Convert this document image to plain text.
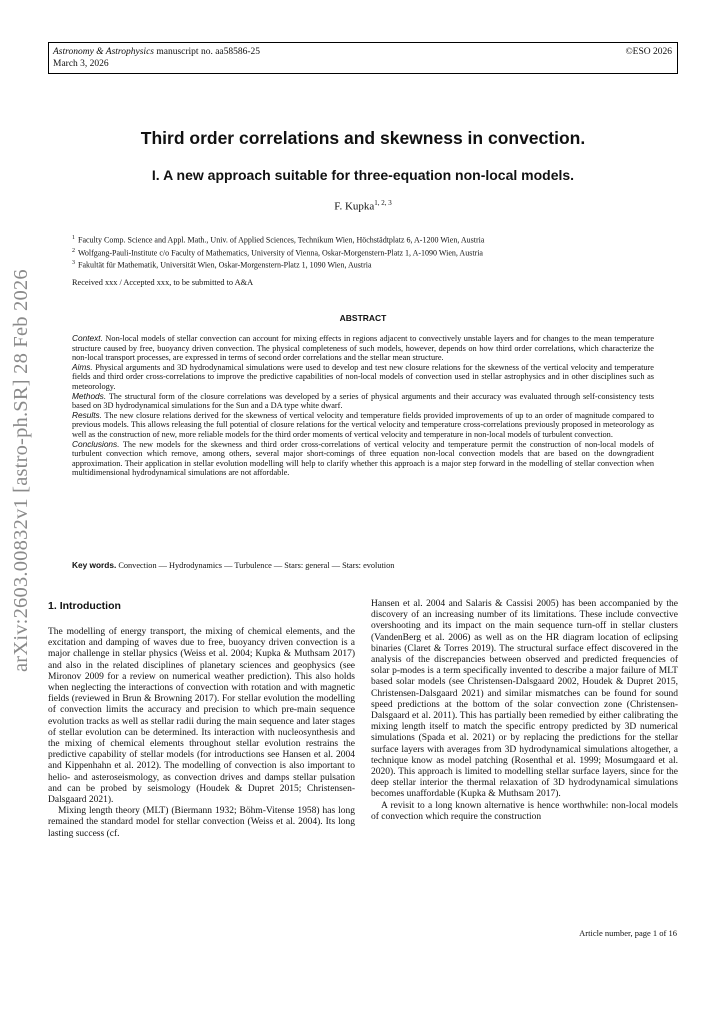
Astronomy & Astrophysics manuscript no. aa58586-25
March 3, 2026
©ESO 2026
Third order correlations and skewness in convection.
I. A new approach suitable for three-equation non-local models.
F. Kupka$^{1, 2, 3}$
$^1$ Faculty Comp. Science and Appl. Math., Univ. of Applied Sciences, Technikum Wien, Höchstädtplatz 6, A-1200 Wien, Austria
$^2$ Wolfgang-Pauli-Institute c/o Faculty of Mathematics, University of Vienna, Oskar-Morgenstern-Platz 1, A-1090 Wien, Austria
$^3$ Fakultät für Mathematik, Universität Wien, Oskar-Morgenstern-Platz 1, 1090 Wien, Austria
Received xxx / Accepted xxx, to be submitted to A&A
ABSTRACT

Context. Non-local models of stellar convection can account for mixing effects in regions adjacent to convectively unstable layers and for changes to the mean temperature structure caused by free, buoyancy driven convection. The physical completeness of such models, however, depends on how third order correlations, which characterize the non-local transport processes, are expressed in terms of second order correlations and the stellar mean structure.

Aims. Physical arguments and 3D hydrodynamical simulations were used to develop and test new closure relations for the skewness of the vertical velocity and temperature fields and third order cross-correlations to improve the predictive capabilities of non-local models of convection used in stellar astrophysics and in other disciplines such as meteorology.

Methods. The structural form of the closure correlations was developed by a series of physical arguments and their accuracy was evaluated through self-consistency tests based on 3D hydrodynamical simulations for the Sun and a DA type white dwarf.

Results. The new closure relations derived for the skewness of vertical velocity and temperature fields provided improvements of up to an order of magnitude compared to previous models. This allows releasing the full potential of closure relations for the vertical velocity and temperature cross-correlations previously proposed in meteorology as well as the construction of new, more reliable models for the third order moments of vertical velocity and temperature in non-local models of turbulent convection.

Conclusions. The new models for the skewness and third order cross-correlations of vertical velocity and temperature permit the construction of non-local models of turbulent convection which remove, among others, several major short-comings of three equation non-local convection models that are based on the downgradient approximation. Their application in stellar evolution modelling will help to clarify whether this approach is a major step forward in the modelling of stellar convection when multidimensional hydrodynamical simulations are not affordable.

Key words. Convection — Hydrodynamics — Turbulence — Stars: general — Stars: evolution
1. Introduction

The modelling of energy transport, the mixing of chemical elements, and the excitation and damping of waves due to free, buoyancy driven convection is a major challenge in stellar physics (Weiss et al. 2004; Kupka & Muthsam 2017) and also in the related disciplines of planetary sciences and geophysics (see Mironov 2009 for a review on numerical weather prediction). This also holds when neglecting the interactions of convection with rotation and with magnetic fields (reviewed in Brun & Browning 2017). For stellar evolution the modelling of convection limits the accuracy and precision to which pre-main sequence evolution tracks as well as stellar radii during the main sequence and later stages of stellar evolution can be determined. Its interaction with nucleosynthesis and the mixing of chemical elements throughout stellar evolution restrains the predictive capability of stellar models (for introductions see Hansen et al. 2004 and Kippenhahn et al. 2012). The modelling of convection is also important to helio- and asteroseismology, as convection drives and damps stellar pulsation and can be probed by seismology (Houdek & Dupret 2015; Christensen-Dalsgaard 2021).

Mixing length theory (MLT) (Biermann 1932; Böhm-Vitense 1958) has long remained the standard model for stellar convection (Weiss et al. 2004). Its long lasting success (cf.

Hansen et al. 2004 and Salaris & Cassisi 2005) has been accompanied by the discovery of an increasing number of its limitations. These include convective overshooting and its impact on the main sequence turn-off in stellar clusters (VandenBerg et al. 2006) as well as on the HR diagram location of eclipsing binaries (Claret & Torres 2019). The structural surface effect discovered in the analysis of the discrepancies between observed and predicted frequencies of solar p-modes is a term specifically invented to describe a major failure of MLT based solar models (see Christensen-Dalsgaard 2002, Houdek & Dupret 2015, Christensen-Dalsgaard 2021) and similar mismatches can be found for sound speed predictions at the bottom of the solar convection zone (Christensen-Dalsgaard et al. 2011). This has partially been remedied by either calibrating the mixing length itself to match the specific entropy predicted by 3D numerical simulations (Spada et al. 2021) or by replacing the predictions for the stellar surface layers with averages from 3D hydrodynamical simulations altogether, a technique know as model patching (Rosenthal et al. 1999; Mosumgaard et al. 2020). This approach is limited to modelling stellar surface layers, since for the deep stellar interior the thermal relaxation of 3D hydrodynamical simulations becomes unaffordable (Kupka & Muthsam 2017).

A revisit to a long known alternative is hence worthwhile: non-local models of convection which require the construction

Article number, page 1 of 16
arXiv:2603.00832v1 [astro-ph.SR] 28 Feb 2026
